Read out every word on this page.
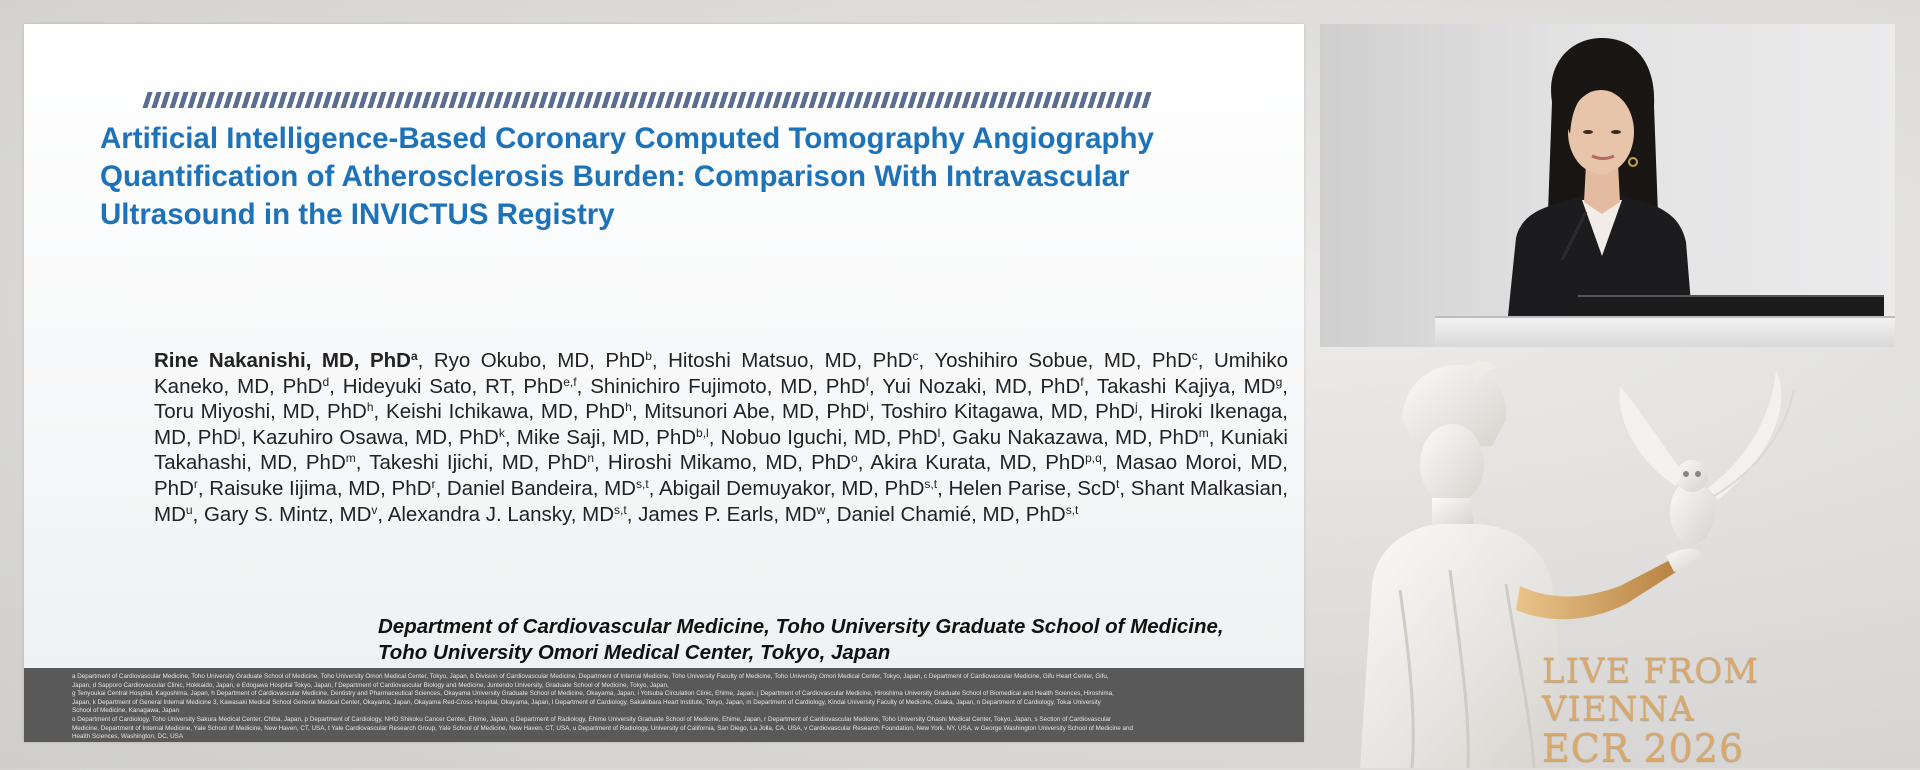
Artificial Intelligence-Based Coronary Computed Tomography Angiography
Quantification of Atherosclerosis Burden: Comparison With Intravascular
Ultrasound in the INVICTUS Registry

Rine Nakanishi, MD, PhD$^a$, Ryo Okubo, MD, PhD$^b$, Hitoshi Matsuo, MD, PhD$^c$, Yoshihiro Sobue, MD, PhD$^c$, Umihiko Kaneko, MD, PhD$^d$, Hideyuki Sato, RT, PhD$^{e,f}$, Shinichiro Fujimoto, MD, PhD$^f$, Yui Nozaki, MD, PhD$^f$, Takashi Kajiya, $MD^g$, Toru Miyoshi, MD, PhD$^h$, Keishi Ichikawa, MD, PhD$^h$, Mitsunori Abe, MD, PhD$^i$, Toshiro Kitagawa, MD, PhD$^j$, Hiroki Ikenaga, MD, PhD$^j$, Kazuhiro Osawa, MD, PhD$^k$, Mike Saji, MD, PhD$^{b,l}$, Nobuo Iguchi, MD, PhD$^l$, Gaku Nakazawa, MD, PhD$^m$, Kuniaki Takahashi, MD, PhD$^m$, Takeshi Ijichi, MD, PhD$^n$, Hiroshi Mikamo, MD, PhD$^o$, Akira Kurata, MD, PhD$^{p,q}$, Masao Moroi, MD, PhD$^r$, Raisuke Iijima, MD, PhD$^r$, Daniel Bandeira, MD$^{s,t}$, Abigail Demuyakor, MD, PhD$^{s,t}$, Helen Parise, ScD$^t$, Shant Malkasian, $MD^u$, Gary S. Mintz, $MD^v$, Alexandra J. Lansky, MD$^{s,t}$, James P. Earls, $MD^w$, Daniel Chamié, MD, PhD$^{s,t}$

Department of Cardiovascular Medicine, Toho University Graduate School of Medicine,
Toho University Omori Medical Center, Tokyo, Japan

a Department of Cardiovascular Medicine, Toho University Graduate School of Medicine, Toho University Omori Medical Center, Tokyo, Japan, b Division of Cardiovascular Medicine, Department of Internal Medicine, Toho University Faculty of Medicine, Toho University Omori Medical Center, Tokyo, Japan, c Department of Cardiovascular Medicine, Gifu Heart Center, Gifu,

Japan, d Sapporo Cardiovascular Clinic, Hokkaido, Japan, e Edogawa Hospital Tokyo, Japan, f Department of Cardiovascular Biology and Medicine, Juntendo University, Graduate School of Medicine, Tokyo, Japan,

g Tenyoukai Central Hospital, Kagoshima, Japan, h Department of Cardiovascular Medicine, Dentistry and Pharmaceutical Sciences, Okayama University Graduate School of Medicine, Okayama, Japan, i Yotsuba Circulation Clinic, Ehime, Japan, j Department of Cardiovascular Medicine, Hiroshima University Graduate School of Biomedical and Health Sciences, Hiroshima,

Japan, k Department of General Internal Medicine 3, Kawasaki Medical School General Medical Center, Okayama, Japan, Okayama Red-Cross Hospital, Okayama, Japan, l Department of Cardiology, Sakakibara Heart Institute, Tokyo, Japan, m Department of Cardiology, Kindai University Faculty of Medicine, Osaka, Japan, n Department of Cardiology, Tokai University

School of Medicine, Kanagawa, Japan

o Department of Cardiology, Toho University Sakura Medical Center, Chiba, Japan, p Department of Cardiology, NHO Shikoku Cancer Center, Ehime, Japan, q Department of Radiology, Ehime University Graduate School of Medicine, Ehime, Japan, r Department of Cardiovascular Medicine, Toho University Ohashi Medical Center, Tokyo, Japan, s Section of Cardiovascular

Medicine, Department of Internal Medicine, Yale School of Medicine, New Haven, CT, USA, t Yale Cardiovascular Research Group, Yale School of Medicine, New Haven, CT, USA, u Department of Radiology, University of California, San Diego, La Jolla, CA, USA, v Cardiovascular Research Foundation, New York, NY, USA, w George Washington University School of Medicine and

Health Sciences, Washington, DC, USA

LIVE FROM VIENNA
ECR 2026
